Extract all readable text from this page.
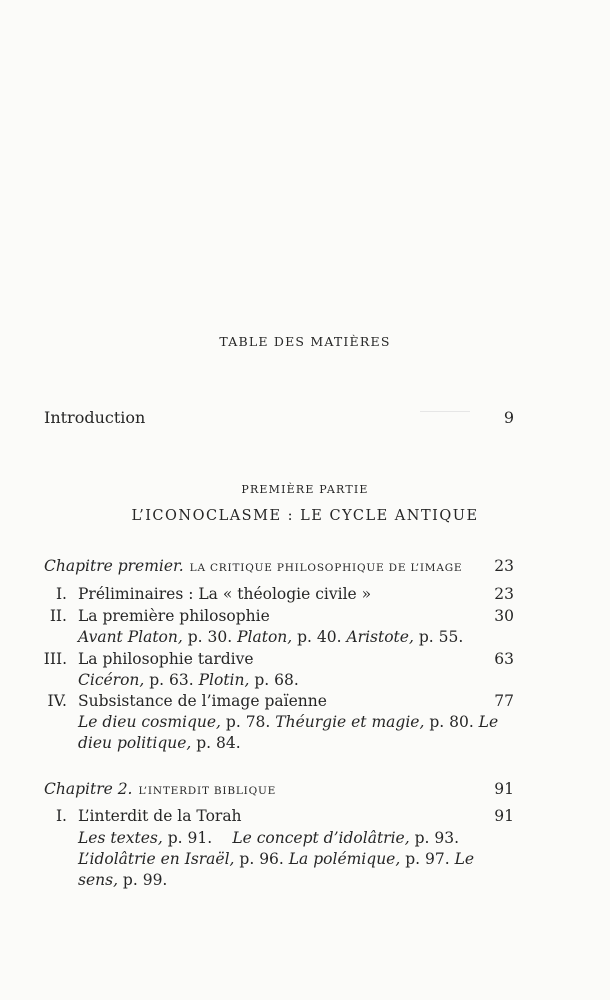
TABLE DES MATIÈRES
Introduction	9
PREMIÈRE PARTIE
L’ICONOCLASME : LE CYCLE ANTIQUE
Chapitre premier. LA CRITIQUE PHILOSOPHIQUE DE L’IMAGE 23
I. Préliminaires : La « théologie civile »	23
II. La première philosophie	30
Avant Platon, p. 30. Platon, p. 40. Aristote, p. 55.
III. La philosophie tardive	63
Cicéron, p. 63. Plotin, p. 68.
IV. Subsistance de l’image païenne	77
Le dieu cosmique, p. 78. Théurgie et magie, p. 80. Le
dieu politique, p. 84.
Chapitre 2. L’INTERDIT BIBLIQUE	91
I. L’interdit de la Torah	91
Les textes, p. 91. Le concept d’idolâtrie, p. 93.
L’idolâtrie en Israël, p. 96. La polémique, p. 97. Le
sens, p. 99.
